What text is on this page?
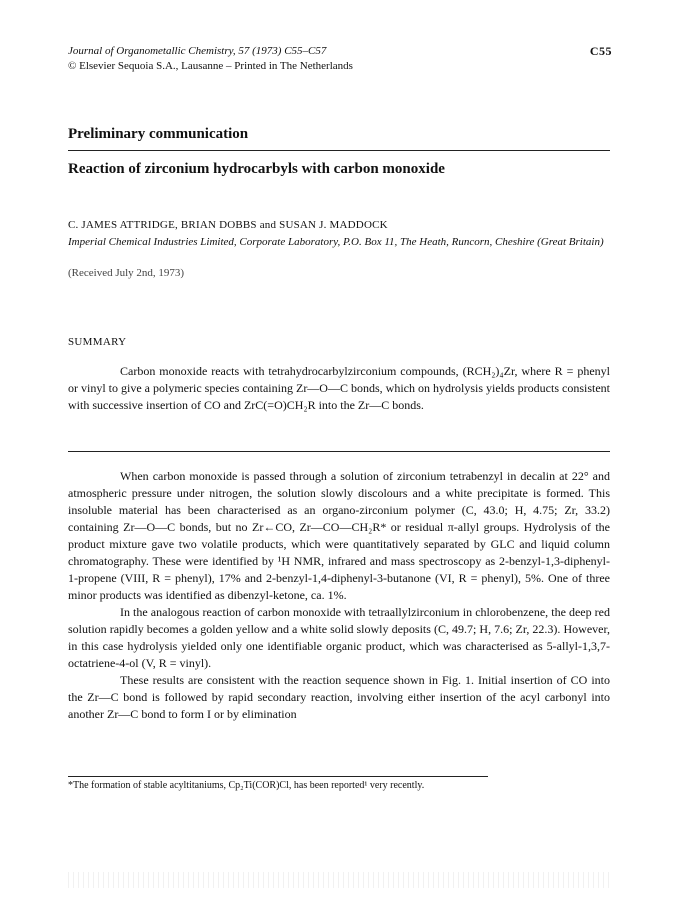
Journal of Organometallic Chemistry, 57 (1973) C55–C57
© Elsevier Sequoia S.A., Lausanne – Printed in The Netherlands
C55
Preliminary communication
Reaction of zirconium hydrocarbyls with carbon monoxide
C. JAMES ATTRIDGE, BRIAN DOBBS and SUSAN J. MADDOCK
Imperial Chemical Industries Limited, Corporate Laboratory, P.O. Box 11, The Heath, Runcorn, Cheshire (Great Britain)
(Received July 2nd, 1973)
SUMMARY

Carbon monoxide reacts with tetrahydrocarbylzirconium compounds, (RCH₂)₄Zr, where R = phenyl or vinyl to give a polymeric species containing Zr—O—C bonds, which on hydrolysis yields products consistent with successive insertion of CO and ZrC(=O)CH₂R into the Zr—C bonds.

When carbon monoxide is passed through a solution of zirconium tetrabenzyl in decalin at 22° and atmospheric pressure under nitrogen, the solution slowly discolours and a white precipitate is formed. This insoluble material has been characterised as an organo-zirconium polymer (C, 43.0; H, 4.75; Zr, 33.2) containing Zr—O—C bonds, but no Zr←CO, Zr—CO—CH₂R* or residual π-allyl groups. Hydrolysis of the product mixture gave two volatile products, which were quantitatively separated by GLC and liquid column chromatography. These were identified by ¹H NMR, infrared and mass spectroscopy as 2-benzyl-1,3-diphenyl-1-propene (VIII, R = phenyl), 17% and 2-benzyl-1,4-diphenyl-3-butanone (VI, R = phenyl), 5%. One of three minor products was identified as dibenzyl-ketone, ca. 1%.

In the analogous reaction of carbon monoxide with tetraallylzirconium in chlorobenzene, the deep red solution rapidly becomes a golden yellow and a white solid slowly deposits (C, 49.7; H, 7.6; Zr, 22.3). However, in this case hydrolysis yielded only one identifiable organic product, which was characterised as 5-allyl-1,3,7-octatriene-4-ol (V, R = vinyl).

These results are consistent with the reaction sequence shown in Fig. 1. Initial insertion of CO into the Zr—C bond is followed by rapid secondary reaction, involving either insertion of the acyl carbonyl into another Zr—C bond to form I or by elimination

*The formation of stable acyltitaniums, Cp₂Ti(COR)Cl, has been reported¹ very recently.
